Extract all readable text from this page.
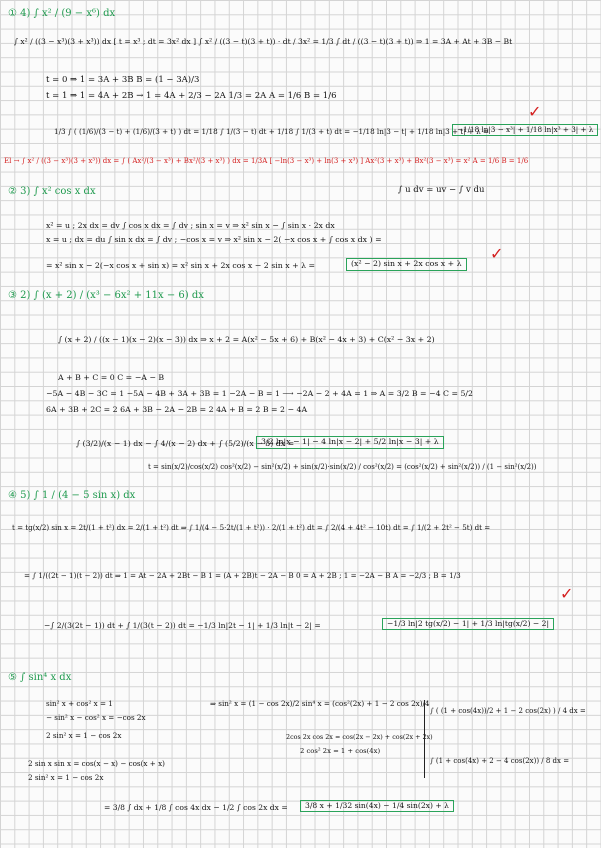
① 4) ∫ x² / (9 − x⁶) dx
∫ x² / ((3 − x³)(3 + x³)) dx [ t = x³ ; dt = 3x² dx ] ∫ x² / ((3 − t)(3 + t)) · dt / 3x² = 1/3 ∫ dt / ((3 − t)(3 + t)) ⇒ 1 = 3A + At + 3B − Bt
t = 0 ⇒ 1 = 3A + 3B B = (1 − 3A)/3
t = 1 ⇒ 1 = 4A + 2B → 1 = 4A + 2/3 − 2A 1/3 = 2A A = 1/6 B = 1/6
1/3 ∫ ( (1/6)/(3 − t) + (1/6)/(3 + t) ) dt = 1/18 ∫ 1/(3 − t) dt + 1/18 ∫ 1/(3 + t) dt = −1/18 ln|3 − t| + 1/18 ln|3 + t| + λ =
−1/18 ln|3 − x³| + 1/18 ln|x³ + 3| + λ
✓
El → ∫ x² / ((3 − x³)(3 + x³)) dx = ∫ ( Ax²/(3 − x³) + Bx²/(3 + x³) ) dx = 1/3A [ −ln(3 − x³) + ln(3 + x³) ] Ax²(3 + x³) + Bx²(3 − x³) = x² A = 1/6 B = 1/6
∫ u dv = uv − ∫ v du
② 3) ∫ x² cos x dx
x² = u ; 2x dx = dv ∫ cos x dx = ∫ dv ; sin x = v ⇒ x² sin x − ∫ sin x · 2x dx
x = u ; dx = du ∫ sin x dx = ∫ dv ; −cos x = v ⇒ x² sin x − 2( −x cos x + ∫ cos x dx ) =
= x² sin x − 2(−x cos x + sin x) = x² sin x + 2x cos x − 2 sin x + λ =	(x² − 2) sin x + 2x cos x + λ
✓
③ 2) ∫ (x + 2) / (x³ − 6x² + 11x − 6) dx
∫ (x + 2) / ((x − 1)(x − 2)(x − 3)) dx ⇒ x + 2 = A(x² − 5x + 6) + B(x² − 4x + 3) + C(x² − 3x + 2)
A + B + C = 0 C = −A − B
−5A − 4B − 3C = 1 −5A − 4B + 3A + 3B = 1 −2A − B = 1 ⟶ −2A − 2 + 4A = 1 ⇒ A = 3/2 B = −4 C = 5/2
6A + 3B + 2C = 2 6A + 3B − 2A − 2B = 2 4A + B = 2 B = 2 − 4A
∫ (3/2)/(x − 1) dx − ∫ 4/(x − 2) dx + ∫ (5/2)/(x − 3) dx =
3/2 ln|x − 1| − 4 ln|x − 2| + 5/2 ln|x − 3| + λ
t = sin(x/2)/cos(x/2) cos²(x/2) − sin²(x/2) + sin(x/2)·sin(x/2) / cos²(x/2) = (cos²(x/2) + sin²(x/2)) / (1 − sin²(x/2))
④ 5) ∫ 1 / (4 − 5 sin x) dx
t = tg(x/2) sin x = 2t/(1 + t²) dx = 2/(1 + t²) dt ⇒ ∫ 1/(4 − 5·2t/(1 + t²)) · 2/(1 + t²) dt = ∫ 2/(4 + 4t² − 10t) dt = ∫ 1/(2 + 2t² − 5t) dt =
= ∫ 1/((2t − 1)(t − 2)) dt ⇒ 1 = At − 2A + 2Bt − B 1 = (A + 2B)t − 2A − B 0 = A + 2B ; 1 = −2A − B A = −2/3 ; B = 1/3
−∫ 2/(3(2t − 1)) dt + ∫ 1/(3(t − 2)) dt = −1/3 ln|2t − 1| + 1/3 ln|t − 2| =	−1/3 ln|2 tg(x/2) − 1| + 1/3 ln|tg(x/2) − 2|
✓
⑤ ∫ sin⁴ x dx
sin² x + cos² x = 1
− sin² x − cos² x = −cos 2x
2 sin² x = 1 − cos 2x
2 sin x sin x = cos(x − x) − cos(x + x)
2 sin² x = 1 − cos 2x
⇒ sin² x = (1 − cos 2x)/2 sin⁴ x = (cos²(2x) + 1 − 2 cos 2x)/4
2cos 2x cos 2x = cos(2x − 2x) + cos(2x + 2x)
2 cos² 2x = 1 + cos(4x)
∫ ( (1 + cos(4x))/2 + 1 − 2 cos(2x) ) / 4 dx =
∫ (1 + cos(4x) + 2 − 4 cos(2x)) / 8 dx =
= 3/8 ∫ dx + 1/8 ∫ cos 4x dx − 1/2 ∫ cos 2x dx =	3/8 x + 1/32 sin(4x) − 1/4 sin(2x) + λ
